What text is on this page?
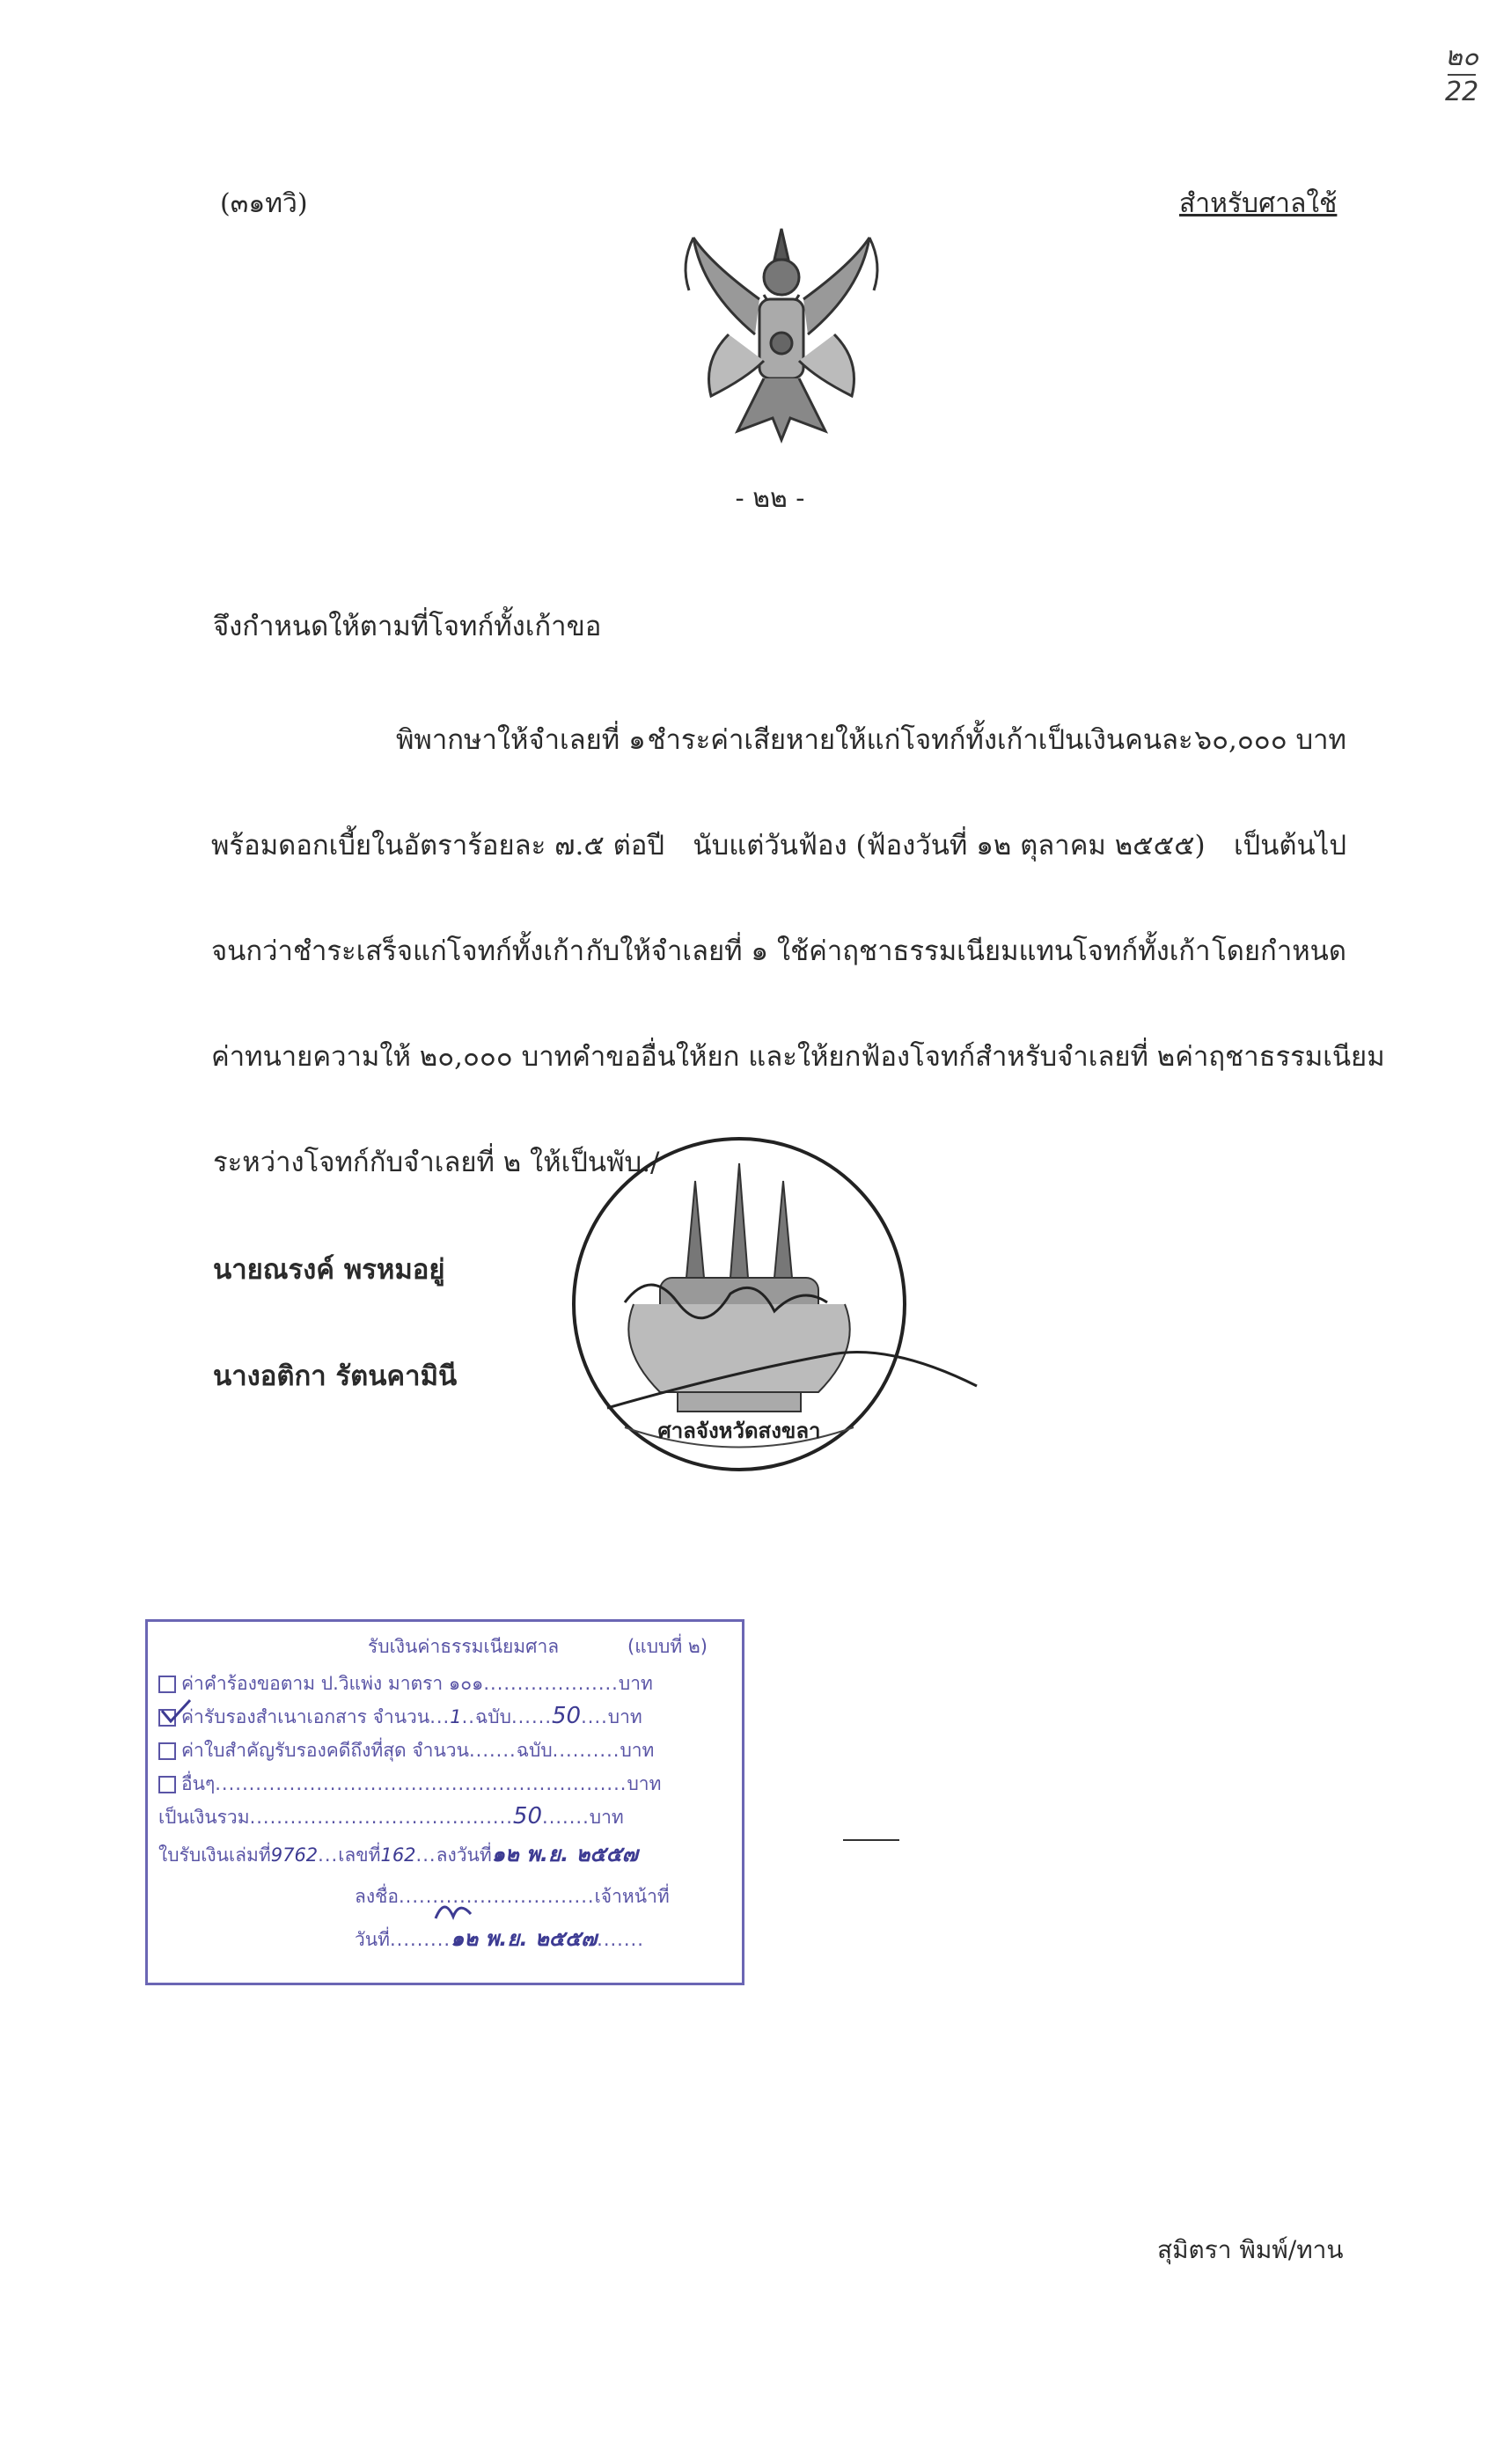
๒๐
22
(๓๑ทวิ)	สำหรับศาลใช้
- ๒๒ -
จึงกำหนดให้ตามที่โจทก์ทั้งเก้าขอ
พิพากษาให้จำเลยที่ ๑ ชำระค่าเสียหายให้แก่โจทก์ทั้งเก้าเป็นเงินคนละ ๖๐,๐๐๐ บาท
พร้อมดอกเบี้ยในอัตราร้อยละ ๗.๕ ต่อปี นับแต่วันฟ้อง (ฟ้องวันที่ ๑๒ ตุลาคม ๒๕๕๕) เป็นต้นไป
จนกว่าชำระเสร็จแก่โจทก์ทั้งเก้า กับให้จำเลยที่ ๑ ใช้ค่าฤชาธรรมเนียมแทนโจทก์ทั้งเก้า โดยกำหนด
ค่าทนายความให้ ๒๐,๐๐๐ บาท คำขออื่นให้ยก และให้ยกฟ้องโจทก์สำหรับจำเลยที่ ๒ ค่าฤชาธรรมเนียม
ระหว่างโจทก์กับจำเลยที่ ๒ ให้เป็นพับ./
นายณรงค์ พรหมอยู่
นางอติกา รัตนคามินี
ศาลจังหวัดสงขลา
รับเงินค่าธรรมเนียมศาล	(แบบที่ ๒)
ค่าคำร้องขอตาม ป.วิแพ่ง มาตรา ๑๐๑....................บาท
ค่ารับรองสำเนาเอกสาร จำนวน...1..ฉบับ......50....บาท
ค่าใบสำคัญรับรองคดีถึงที่สุด จำนวน.......ฉบับ..........บาท
อื่นๆ.............................................................บาท
เป็นเงินรวม.......................................50.......บาท
ใบรับเงินเล่มที่9762...เลขที่162...ลงวันที่๑๒ พ.ย. ๒๕๕๗
ลงชื่อ.............................เจ้าหน้าที่
วันที่.........๑๒ พ.ย. ๒๕๕๗.......
สุมิตรา พิมพ์/ทาน
